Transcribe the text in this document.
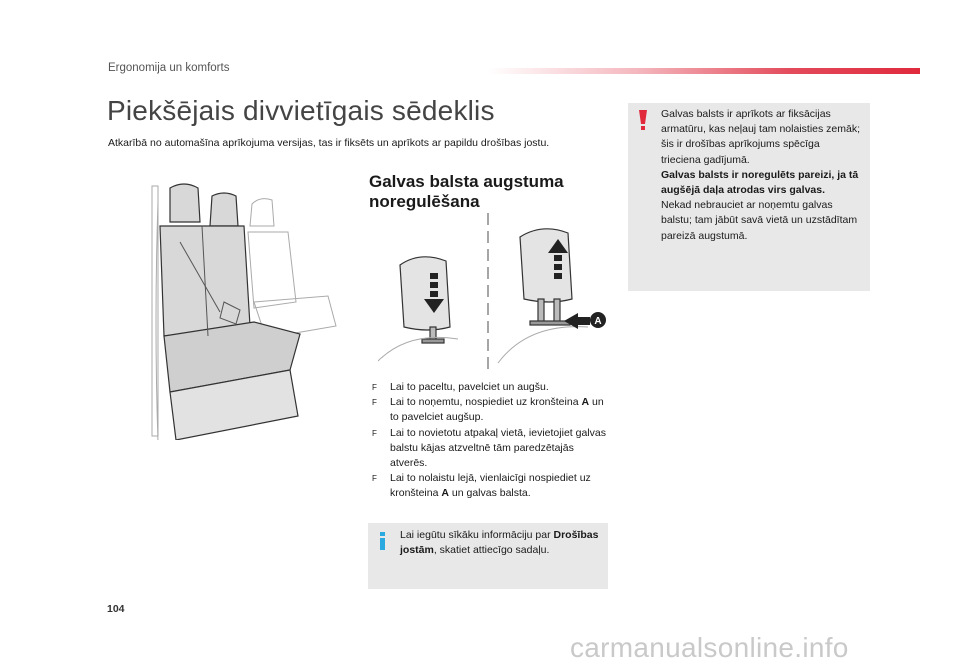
Ergonomija un komforts
Piekšējais divvietīgais sēdeklis
Atkarībā no automašīna aprīkojuma versijas, tas ir fiksēts un aprīkots ar papildu drošības jostu.
Galvas balsta augstuma noregulēšana
A
F Lai to paceltu, pavelciet un augšu.
F Lai to noņemtu, nospiediet uz kronšteina A un to pavelciet augšup.
F Lai to novietotu atpakaļ vietā, ievietojiet galvas balstu kājas atzveltnē tām paredzētajās atverēs.
F Lai to nolaistu lejā, vienlaicīgi nospiediet uz kronšteina A un galvas balsta.
Lai iegūtu sīkāku informāciju par Drošības jostām, skatiet attiecīgo sadaļu.
Galvas balsts ir aprīkots ar fiksācijas armatūru, kas neļauj tam nolaisties zemāk; šis ir drošības aprīkojums spēcīga trieciena gadījumā.
Galvas balsts ir noregulēts pareizi, ja tā augšējā daļa atrodas virs galvas.
Nekad nebrauciet ar noņemtu galvas balstu; tam jābūt savā vietā un uzstādītam pareizā augstumā.
104
carmanualsonline.info
